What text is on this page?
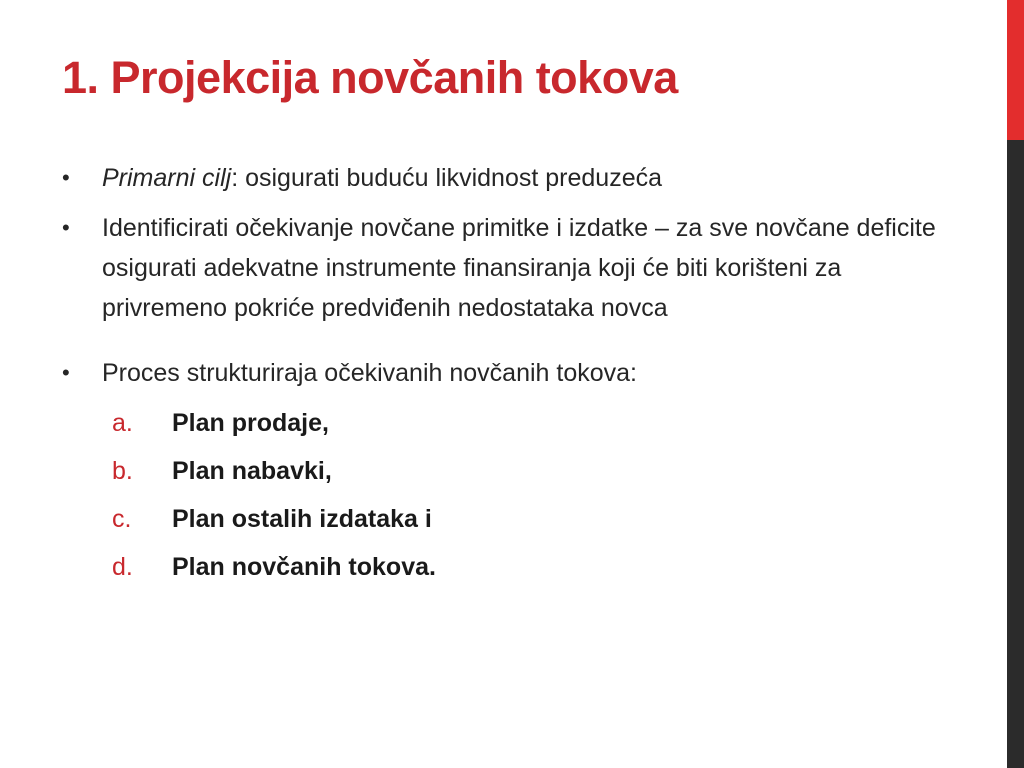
1. Projekcija novčanih tokova

• Primarni cilj: osigurati buduću likvidnost preduzeća

• Identificirati očekivanje novčane primitke i izdatke – za sve novčane deficite osigurati adekvatne instrumente finansiranja koji će biti korišteni za privremeno pokriće predviđenih nedostataka novca

• Proces strukturiraja očekivanih novčanih tokova:

a.	Plan prodaje,
b.	Plan nabavki,
c.	Plan ostalih izdataka i
d.	Plan novčanih tokova.
